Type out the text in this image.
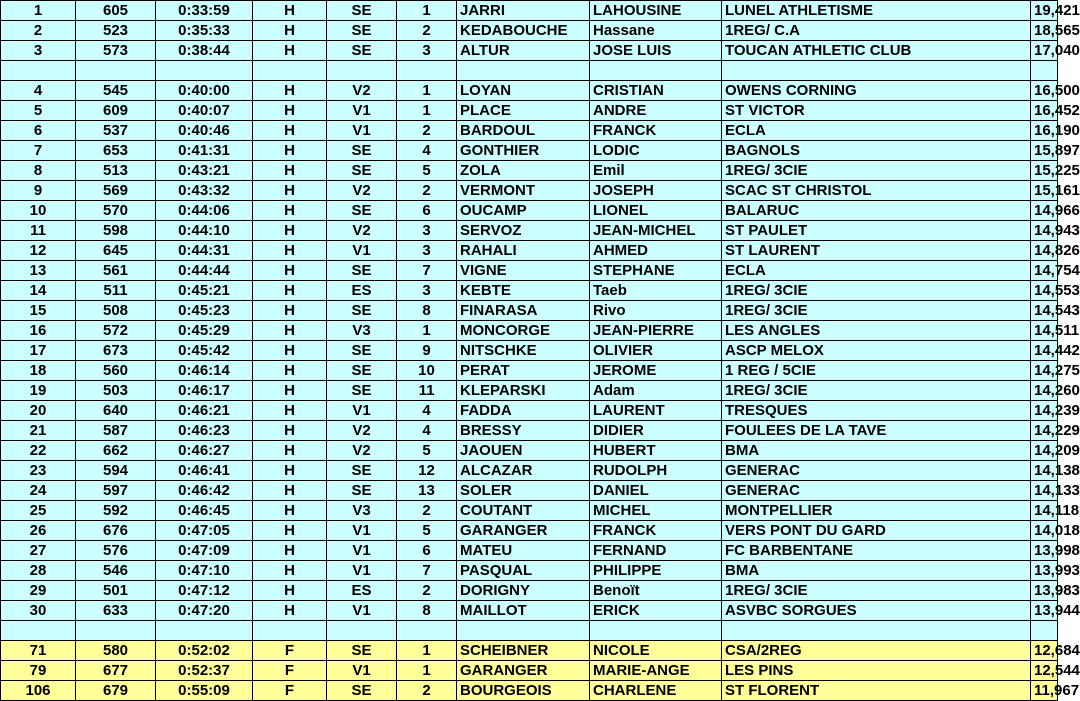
1	605	0:33:59	H	SE	1	JARRI	LAHOUSINE	LUNEL ATHLETISME	19,421
2	523	0:35:33	H	SE	2	KEDABOUCHE	Hassane	1REG/ C.A	18,565
3	573	0:38:44	H	SE	3	ALTUR	JOSE LUIS	TOUCAN ATHLETIC CLUB	17,040

4	545	0:40:00	H	V2	1	LOYAN	CRISTIAN	OWENS CORNING	16,500
5	609	0:40:07	H	V1	1	PLACE	ANDRE	ST VICTOR	16,452
6	537	0:40:46	H	V1	2	BARDOUL	FRANCK	ECLA	16,190
7	653	0:41:31	H	SE	4	GONTHIER	LODIC	BAGNOLS	15,897
8	513	0:43:21	H	SE	5	ZOLA	Emil	1REG/ 3CIE	15,225
9	569	0:43:32	H	V2	2	VERMONT	JOSEPH	SCAC ST CHRISTOL	15,161
10	570	0:44:06	H	SE	6	OUCAMP	LIONEL	BALARUC	14,966
11	598	0:44:10	H	V2	3	SERVOZ	JEAN-MICHEL	ST PAULET	14,943
12	645	0:44:31	H	V1	3	RAHALI	AHMED	ST LAURENT	14,826
13	561	0:44:44	H	SE	7	VIGNE	STEPHANE	ECLA	14,754
14	511	0:45:21	H	ES	3	KEBTE	Taeb	1REG/ 3CIE	14,553
15	508	0:45:23	H	SE	8	FINARASA	Rivo	1REG/ 3CIE	14,543
16	572	0:45:29	H	V3	1	MONCORGE	JEAN-PIERRE	LES ANGLES	14,511
17	673	0:45:42	H	SE	9	NITSCHKE	OLIVIER	ASCP MELOX	14,442
18	560	0:46:14	H	SE	10	PERAT	JEROME	1 REG / 5CIE	14,275
19	503	0:46:17	H	SE	11	KLEPARSKI	Adam	1REG/ 3CIE	14,260
20	640	0:46:21	H	V1	4	FADDA	LAURENT	TRESQUES	14,239
21	587	0:46:23	H	V2	4	BRESSY	DIDIER	FOULEES DE LA TAVE	14,229
22	662	0:46:27	H	V2	5	JAOUEN	HUBERT	BMA	14,209
23	594	0:46:41	H	SE	12	ALCAZAR	RUDOLPH	GENERAC	14,138
24	597	0:46:42	H	SE	13	SOLER	DANIEL	GENERAC	14,133
25	592	0:46:45	H	V3	2	COUTANT	MICHEL	MONTPELLIER	14,118
26	676	0:47:05	H	V1	5	GARANGER	FRANCK	VERS PONT DU GARD	14,018
27	576	0:47:09	H	V1	6	MATEU	FERNAND	FC BARBENTANE	13,998
28	546	0:47:10	H	V1	7	PASQUAL	PHILIPPE	BMA	13,993
29	501	0:47:12	H	ES	2	DORIGNY	Benoït	1REG/ 3CIE	13,983
30	633	0:47:20	H	V1	8	MAILLOT	ERICK	ASVBC SORGUES	13,944

71	580	0:52:02	F	SE	1	SCHEIBNER	NICOLE	CSA/2REG	12,684
79	677	0:52:37	F	V1	1	GARANGER	MARIE-ANGE	LES PINS	12,544
106	679	0:55:09	F	SE	2	BOURGEOIS	CHARLENE	ST FLORENT	11,967
